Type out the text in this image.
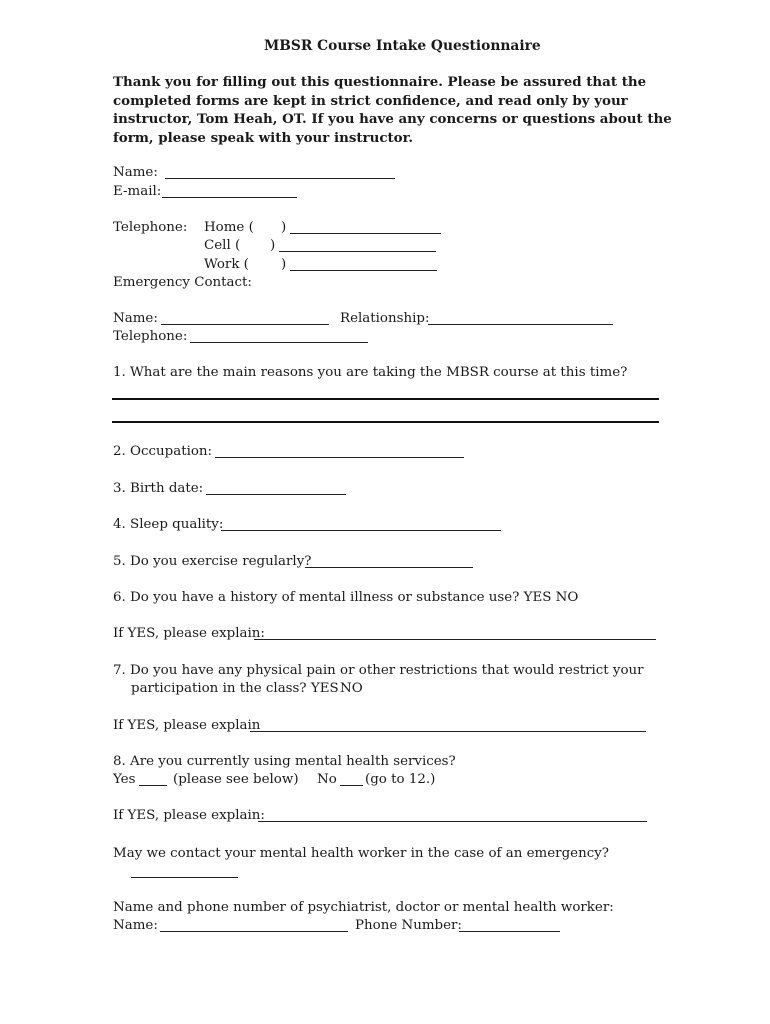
MBSR Course Intake Questionnaire
Thank you for filling out this questionnaire. Please be assured that the
completed forms are kept in strict confidence, and read only by your
instructor, Tom Heah, OT. If you have any concerns or questions about the
form, please speak with your instructor.
Name:
E-mail:
Telephone: Home ( )
Cell ( )
Work ( )
Emergency Contact:
Name:	Relationship:
Telephone:
1. What are the main reasons you are taking the MBSR course at this time?
2. Occupation:
3. Birth date:
4. Sleep quality:
5. Do you exercise regularly?
6. Do you have a history of mental illness or substance use? YES NO
If YES, please explain:
7. Do you have any physical pain or other restrictions that would restrict your
participation in the class? YES NO
If YES, please explain
8. Are you currently using mental health services?
Yes	(please see below) No (go to 12.)
If YES, please explain:
May we contact your mental health worker in the case of an emergency?
Name and phone number of psychiatrist, doctor or mental health worker:
Name:	Phone Number:
